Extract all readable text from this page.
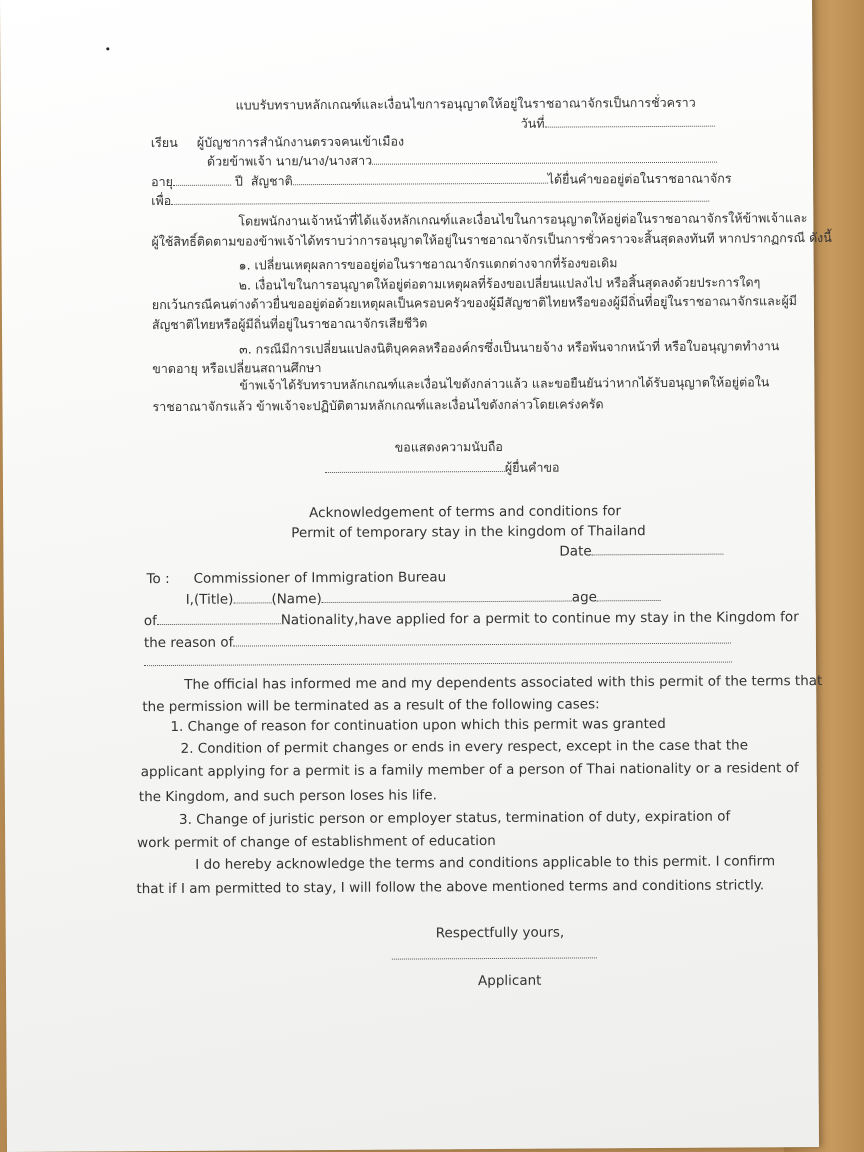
แบบรับทราบหลักเกณฑ์และเงื่อนไขการอนุญาตให้อยู่ในราชอาณาจักรเป็นการชั่วคราว
วันที่
เรียน ผู้บัญชาการสำนักงานตรวจคนเข้าเมือง
ด้วยข้าพเจ้า นาย/นาง/นางสาว
อายุ	ปี สัญชาติ	ได้ยื่นคำขออยู่ต่อในราชอาณาจักร
เพื่อ
โดยพนักงานเจ้าหน้าที่ได้แจ้งหลักเกณฑ์และเงื่อนไขในการอนุญาตให้อยู่ต่อในราชอาณาจักรให้ข้าพเจ้าและ
ผู้ใช้สิทธิ์ติดตามของข้าพเจ้าได้ทราบว่าการอนุญาตให้อยู่ในราชอาณาจักรเป็นการชั่วคราวจะสิ้นสุดลงทันที หากปรากฏกรณี ดังนี้
๑. เปลี่ยนเหตุผลการขออยู่ต่อในราชอาณาจักรแตกต่างจากที่ร้องขอเดิม
๒. เงื่อนไขในการอนุญาตให้อยู่ต่อตามเหตุผลที่ร้องขอเปลี่ยนแปลงไป หรือสิ้นสุดลงด้วยประการใดๆ
ยกเว้นกรณีคนต่างด้าวยื่นขออยู่ต่อด้วยเหตุผลเป็นครอบครัวของผู้มีสัญชาติไทยหรือของผู้มีถิ่นที่อยู่ในราชอาณาจักรและผู้มี
สัญชาติไทยหรือผู้มีถิ่นที่อยู่ในราชอาณาจักรเสียชีวิต
๓. กรณีมีการเปลี่ยนแปลงนิติบุคคลหรือองค์กรซึ่งเป็นนายจ้าง หรือพ้นจากหน้าที่ หรือใบอนุญาตทำงาน
ขาดอายุ หรือเปลี่ยนสถานศึกษา
ข้าพเจ้าได้รับทราบหลักเกณฑ์และเงื่อนไขดังกล่าวแล้ว และขอยืนยันว่าหากได้รับอนุญาตให้อยู่ต่อใน
ราชอาณาจักรแล้ว ข้าพเจ้าจะปฏิบัติตามหลักเกณฑ์และเงื่อนไขดังกล่าวโดยเคร่งครัด
ขอแสดงความนับถือ
ผู้ยื่นคำขอ
Acknowledgement of terms and conditions for
Permit of temporary stay in the kingdom of Thailand
Date
To : Commissioner of Immigration Bureau
I,(Title)	(Name)	age
of	Nationality,have applied for a permit to continue my stay in the Kingdom for
the reason of
The official has informed me and my dependents associated with this permit of the terms that
the permission will be terminated as a result of the following cases:
1. Change of reason for continuation upon which this permit was granted
2. Condition of permit changes or ends in every respect, except in the case that the
applicant applying for a permit is a family member of a person of Thai nationality or a resident of
the Kingdom, and such person loses his life.
3. Change of juristic person or employer status, termination of duty, expiration of
work permit of change of establishment of education
I do hereby acknowledge the terms and conditions applicable to this permit. I confirm
that if I am permitted to stay, I will follow the above mentioned terms and conditions strictly.
Respectfully yours,
Applicant
